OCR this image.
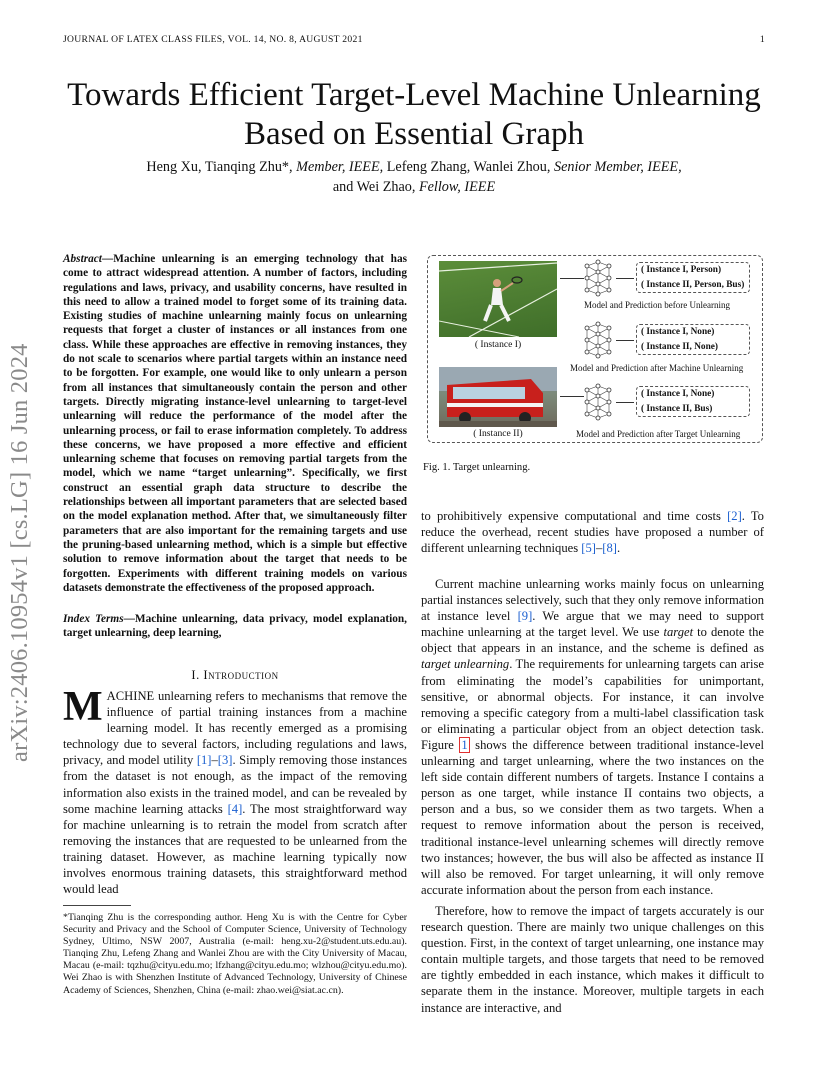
JOURNAL OF LATEX CLASS FILES, VOL. 14, NO. 8, AUGUST 2021	1
arXiv:2406.10954v1 [cs.LG] 16 Jun 2024
Towards Efficient Target-Level Machine Unlearning Based on Essential Graph
Heng Xu, Tianqing Zhu*, Member, IEEE, Lefeng Zhang, Wanlei Zhou, Senior Member, IEEE,
and Wei Zhao, Fellow, IEEE
Abstract—Machine unlearning is an emerging technology that has come to attract widespread attention. A number of factors, including regulations and laws, privacy, and usability concerns, have resulted in this need to allow a trained model to forget some of its training data. Existing studies of machine unlearning mainly focus on unlearning requests that forget a cluster of instances or all instances from one class. While these approaches are effective in removing instances, they do not scale to scenarios where partial targets within an instance need to be forgotten. For example, one would like to only unlearn a person from all instances that simultaneously contain the person and other targets. Directly migrating instance-level unlearning to target-level unlearning will reduce the performance of the model after the unlearning process, or fail to erase information completely. To address these concerns, we have proposed a more effective and efficient unlearning scheme that focuses on removing partial targets from the model, which we name “target unlearning”. Specifically, we first construct an essential graph data structure to describe the relationships between all important parameters that are selected based on the model explanation method. After that, we simultaneously filter parameters that are also important for the remaining targets and use the pruning-based unlearning method, which is a simple but effective solution to remove information about the target that needs to be forgotten. Experiments with different training models on various datasets demonstrate the effectiveness of the proposed approach.
Index Terms—Machine unlearning, data privacy, model explanation, target unlearning, deep learning,
I. Introduction
MACHINE unlearning refers to mechanisms that remove the influence of partial training instances from a machine learning model. It has recently emerged as a promising technology due to several factors, including regulations and laws, privacy, and model utility [1]–[3]. Simply removing those instances from the dataset is not enough, as the impact of the removing information also exists in the trained model, and can be revealed by some machine learning attacks [4]. The most straightforward way for machine unlearning is to retrain the model from scratch after removing the instances that are requested to be unlearned from the training dataset. However, as machine learning typically now involves enormous training datasets, this straightforward method would lead
*Tianqing Zhu is the corresponding author. Heng Xu is with the Centre for Cyber Security and Privacy and the School of Computer Science, University of Technology Sydney, Ultimo, NSW 2007, Australia (e-mail: heng.xu-2@student.uts.edu.au). Tianqing Zhu, Lefeng Zhang and Wanlei Zhou are with the City University of Macau, Macau (e-mail: tqzhu@cityu.edu.mo; lfzhang@cityu.edu.mo; wlzhou@cityu.edu.mo). Wei Zhao is with Shenzhen Institute of Advanced Technology, University of Chinese Academy of Sciences, Shenzhen, China (e-mail: zhao.wei@siat.ac.cn).
( Instance I)
( Instance II)
( Instance I, Person)
( Instance II, Person, Bus)
Model and Prediction before Unlearning
( Instance I, None)
( Instance II, None)
Model and Prediction after Machine Unlearning
( Instance I, None)
( Instance II, Bus)
Model and Prediction after Target Unlearning
Fig. 1. Target unlearning.
to prohibitively expensive computational and time costs [2]. To reduce the overhead, recent studies have proposed a number of different unlearning techniques [5]–[8].
Current machine unlearning works mainly focus on unlearning partial instances selectively, such that they only remove information at instance level [9]. We argue that we may need to support machine unlearning at the target level. We use target to denote the object that appears in an instance, and the scheme is defined as target unlearning. The requirements for unlearning targets can arise from eliminating the model’s capabilities for unimportant, sensitive, or abnormal objects. For instance, it can involve removing a specific category from a multi-label classification task or eliminating a particular object from an object detection task. Figure 1 shows the difference between traditional instance-level unlearning and target unlearning, where the two instances on the left side contain different numbers of targets. Instance I contains a person as one target, while instance II contains two objects, a person and a bus, so we consider them as two targets. When a request to remove information about the person is received, traditional instance-level unlearning schemes will directly remove two instances; however, the bus will also be affected as instance II will also be removed. For target unlearning, it will only remove accurate information about the person from each instance.
Therefore, how to remove the impact of targets accurately is our research question. There are mainly two unique challenges on this question. First, in the context of target unlearning, one instance may contain multiple targets, and those targets that need to be removed are tightly embedded in each instance, which makes it difficult to separate them in the instance. Moreover, multiple targets in each instance are interactive, and
